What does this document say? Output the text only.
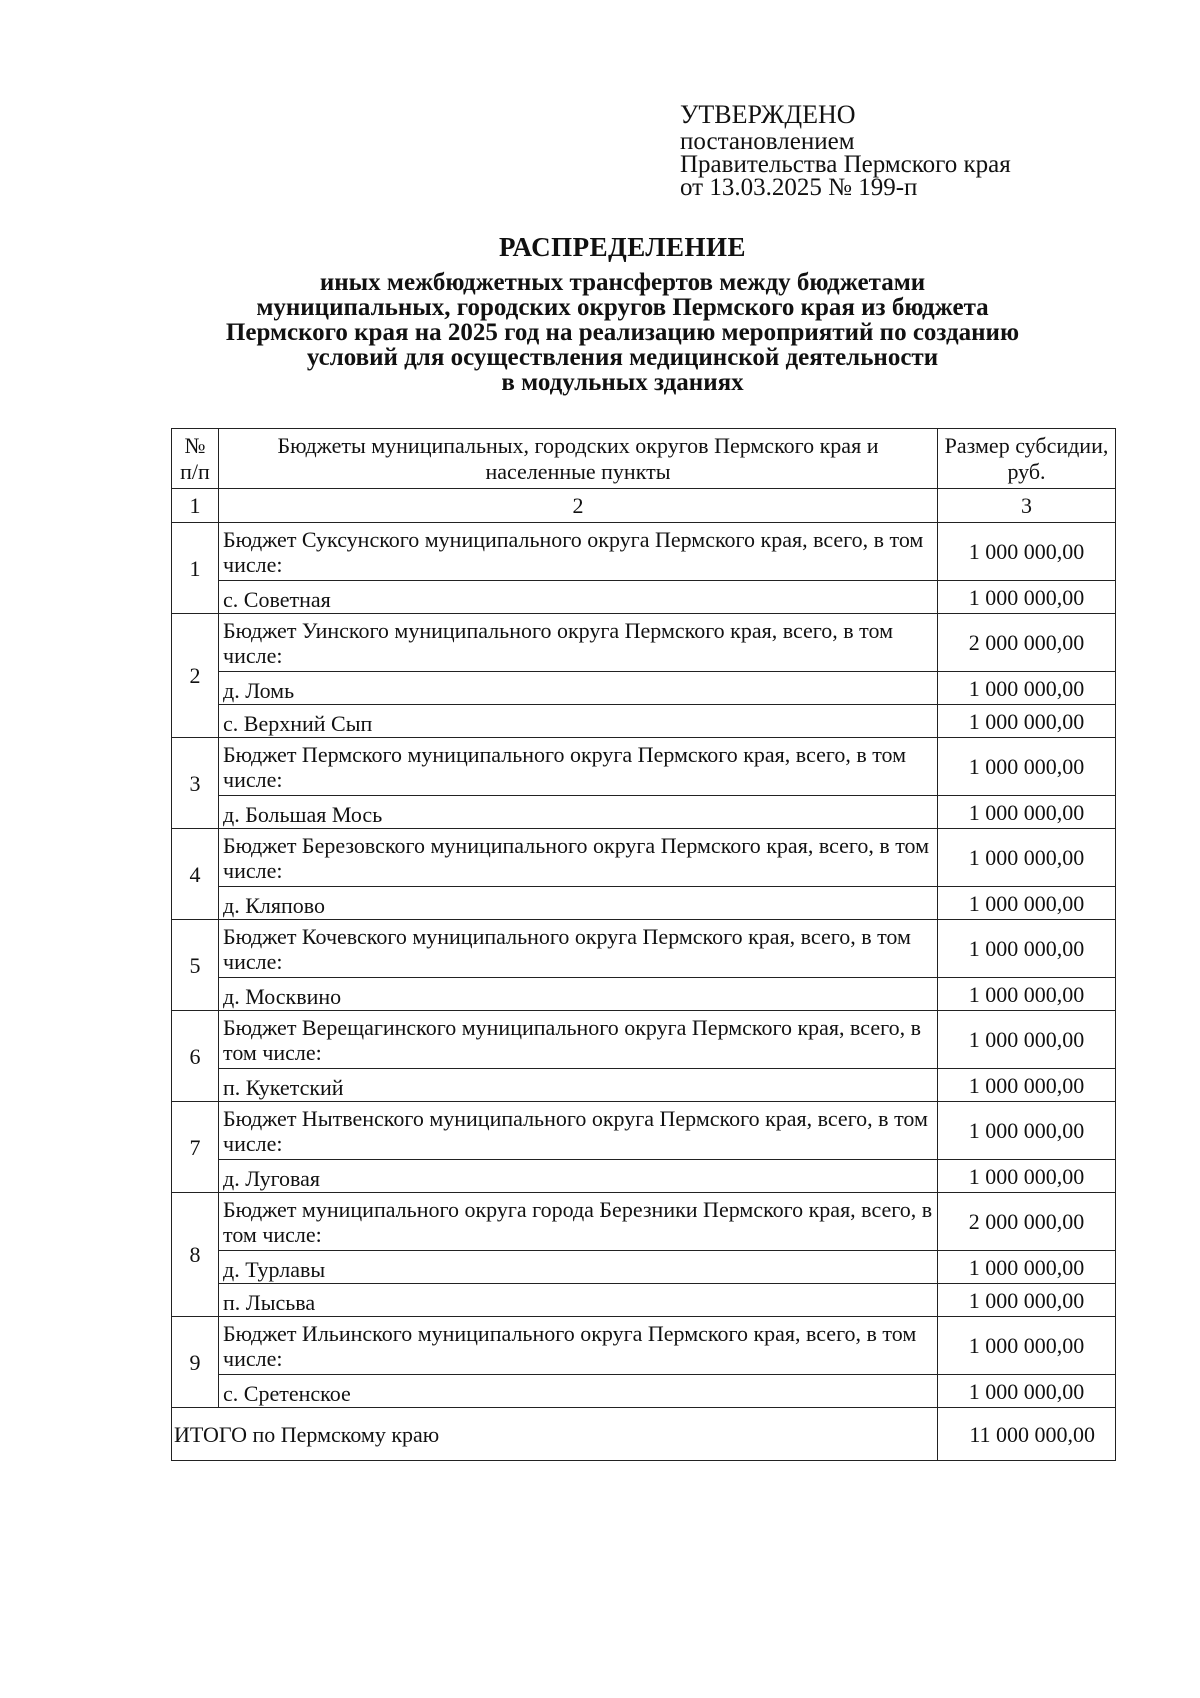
УТВЕРЖДЕНО
постановлением
Правительства Пермского края
от 13.03.2025 № 199-п
РАСПРЕДЕЛЕНИЕ
иных межбюджетных трансфертов между бюджетами
муниципальных, городских округов Пермского края из бюджета
Пермского края на 2025 год на реализацию мероприятий по созданию
условий для осуществления медицинской деятельности
в модульных зданиях
№ п/п	Бюджеты муниципальных, городских округов Пермского края и населенные пункты	Размер субсидии, руб.
1	2	3
1	Бюджет Суксунского муниципального округа Пермского края, всего, в том числе:	1 000 000,00
	с. Советная	1 000 000,00
2	Бюджет Уинского муниципального округа Пермского края, всего, в том числе:	2 000 000,00
	д. Ломь	1 000 000,00
	с. Верхний Сып	1 000 000,00
3	Бюджет Пермского муниципального округа Пермского края, всего, в том числе:	1 000 000,00
	д. Большая Мось	1 000 000,00
4	Бюджет Березовского муниципального округа Пермского края, всего, в том числе:	1 000 000,00
	д. Кляпово	1 000 000,00
5	Бюджет Кочевского муниципального округа Пермского края, всего, в том числе:	1 000 000,00
	д. Москвино	1 000 000,00
6	Бюджет Верещагинского муниципального округа Пермского края, всего, в том числе:	1 000 000,00
	п. Кукетский	1 000 000,00
7	Бюджет Нытвенского муниципального округа Пермского края, всего, в том числе:	1 000 000,00
	д. Луговая	1 000 000,00
8	Бюджет муниципального округа города Березники Пермского края, всего, в том числе:	2 000 000,00
	д. Турлавы	1 000 000,00
	п. Лысьва	1 000 000,00
9	Бюджет Ильинского муниципального округа Пермского края, всего, в том числе:	1 000 000,00
	с. Сретенское	1 000 000,00
ИТОГО по Пермскому краю		11 000 000,00
